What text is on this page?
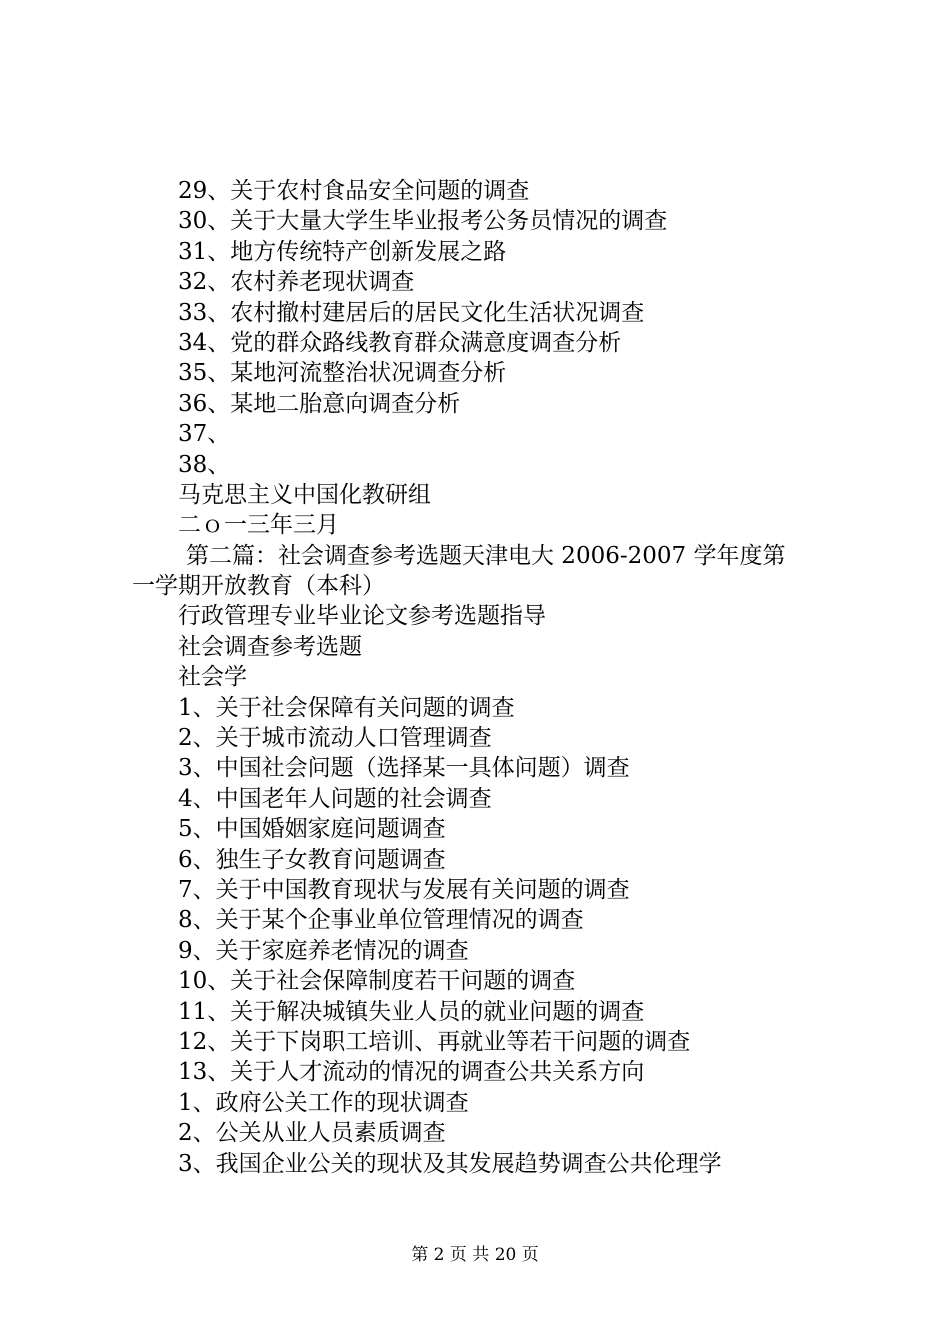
29、关于农村食品安全问题的调查
30、关于大量大学生毕业报考公务员情况的调查
31、地方传统特产创新发展之路
32、农村养老现状调查
33、农村撤村建居后的居民文化生活状况调查
34、党的群众路线教育群众满意度调查分析
35、某地河流整治状况调查分析
36、某地二胎意向调查分析
37、
38、
马克思主义中国化教研组
二ｏ一三年三月
第二篇：社会调查参考选题天津电大 2006-2007 学年度第
一学期开放教育（本科）
行政管理专业毕业论文参考选题指导
社会调查参考选题
社会学
1、关于社会保障有关问题的调查
2、关于城市流动人口管理调查
3、中国社会问题（选择某一具体问题）调查
4、中国老年人问题的社会调查
5、中国婚姻家庭问题调查
6、独生子女教育问题调查
7、关于中国教育现状与发展有关问题的调查
8、关于某个企事业单位管理情况的调查
9、关于家庭养老情况的调查
10、关于社会保障制度若干问题的调查
11、关于解决城镇失业人员的就业问题的调查
12、关于下岗职工培训、再就业等若干问题的调查
13、关于人才流动的情况的调查公共关系方向
1、政府公关工作的现状调查
2、公关从业人员素质调查
3、我国企业公关的现状及其发展趋势调查公共伦理学
第 2 页 共 20 页
